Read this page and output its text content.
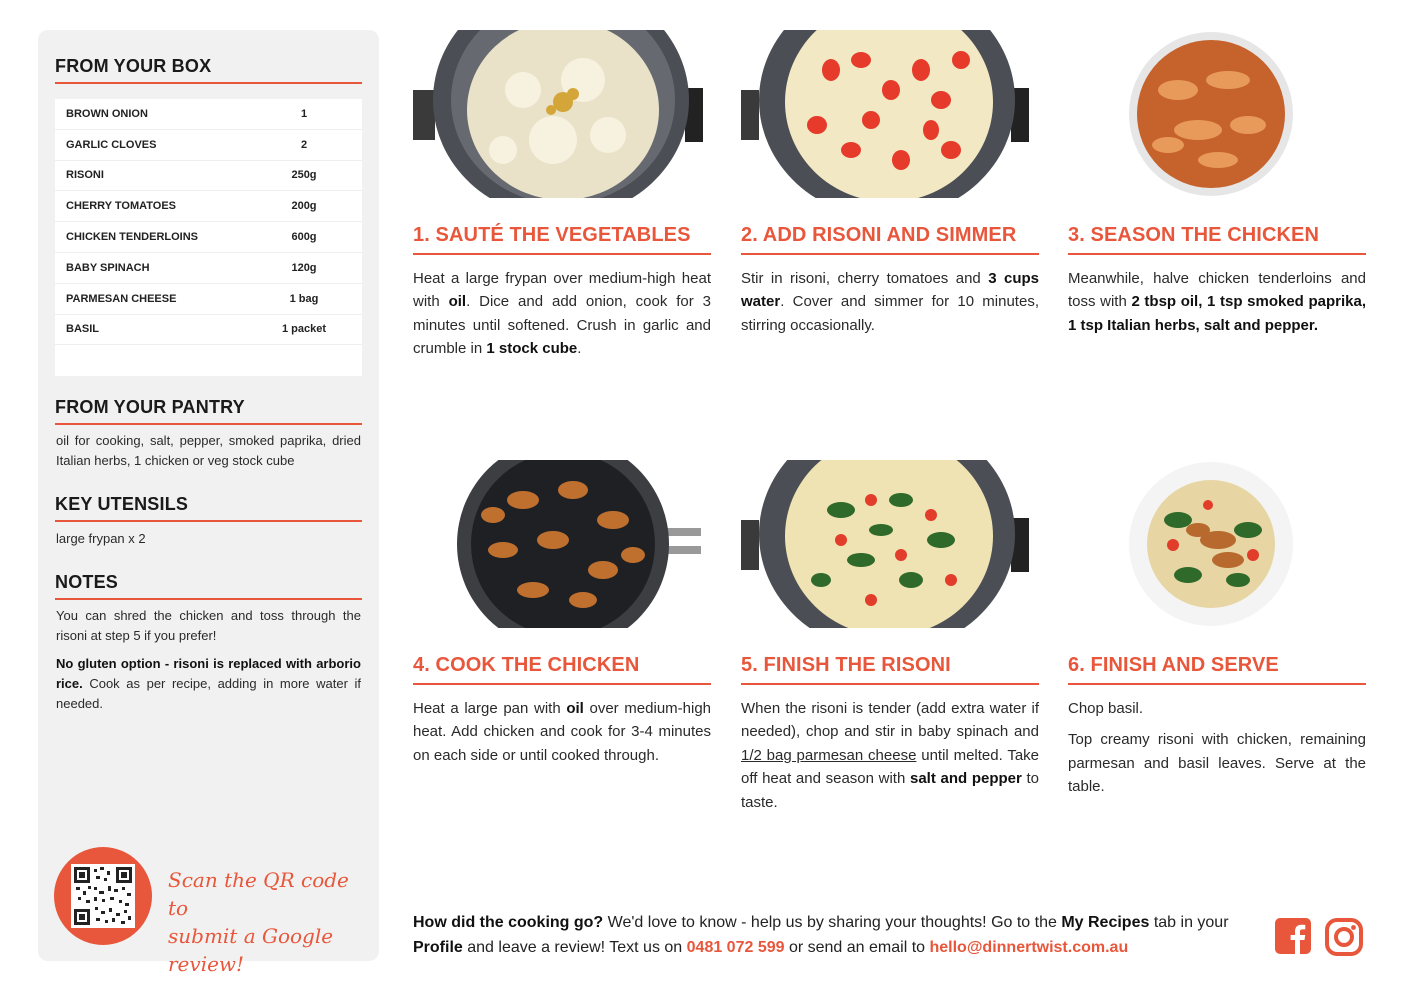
FROM YOUR BOX
BROWN ONION	1
GARLIC CLOVES	2
RISONI	250g
CHERRY TOMATOES	200g
CHICKEN TENDERLOINS	600g
BABY SPINACH	120g
PARMESAN CHEESE	1 bag
BASIL	1 packet
FROM YOUR PANTRY
oil for cooking, salt, pepper, smoked paprika, dried Italian herbs, 1 chicken or veg stock cube
KEY UTENSILS
large frypan x 2
NOTES
You can shred the chicken and toss through the risoni at step 5 if you prefer!
No gluten option - risoni is replaced with arborio rice. Cook as per recipe, adding in more water if needed.
Scan the QR code to
submit a Google review!
1. SAUTÉ THE VEGETABLES
Heat a large frypan over medium-high heat with oil. Dice and add onion, cook for 3 minutes until softened. Crush in garlic and crumble in 1 stock cube.
2. ADD RISONI AND SIMMER
Stir in risoni, cherry tomatoes and 3 cups water. Cover and simmer for 10 minutes, stirring occasionally.
3. SEASON THE CHICKEN
Meanwhile, halve chicken tenderloins and toss with 2 tbsp oil, 1 tsp smoked paprika, 1 tsp Italian herbs, salt and pepper.
4. COOK THE CHICKEN
Heat a large pan with oil over medium-high heat. Add chicken and cook for 3-4 minutes on each side or until cooked through.
5. FINISH THE RISONI
When the risoni is tender (add extra water if needed), chop and stir in baby spinach and 1/2 bag parmesan cheese until melted. Take off heat and season with salt and pepper to taste.
6. FINISH AND SERVE

Chop basil.

Top creamy risoni with chicken, remaining parmesan and basil leaves. Serve at the table.

How did the cooking go? We'd love to know - help us by sharing your thoughts! Go to the My Recipes tab in your Profile and leave a review! Text us on 0481 072 599 or send an email to hello@dinnertwist.com.au
